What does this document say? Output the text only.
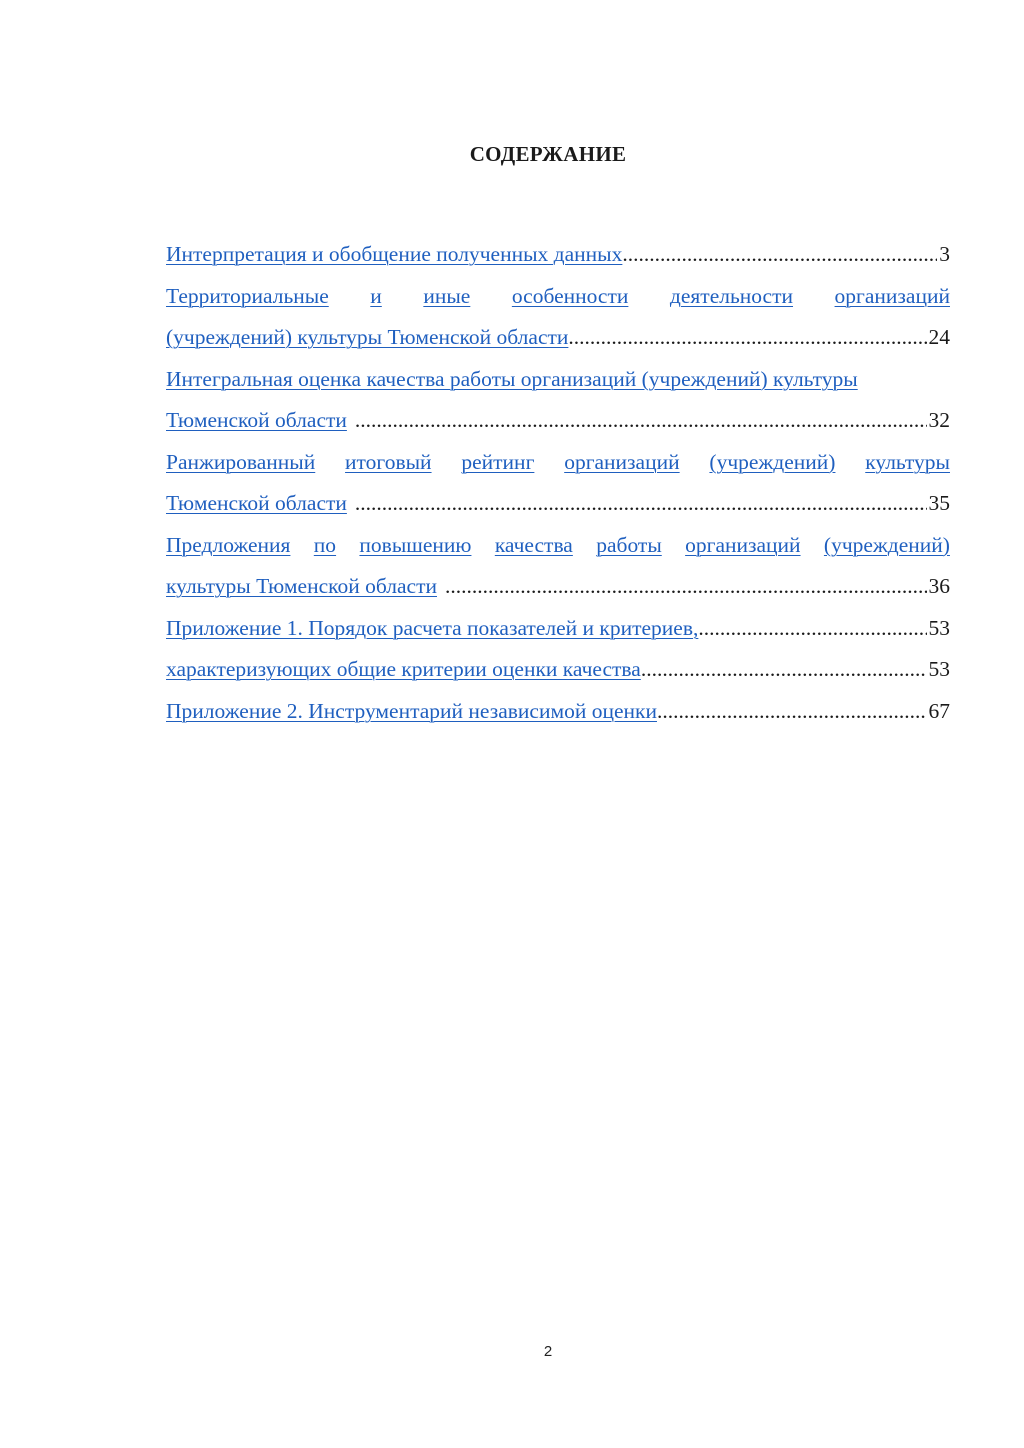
СОДЕРЖАНИЕ
Интерпретация и обобщение полученных данных .....	3
Территориальные и иные особенности деятельности организаций
(учреждений) культуры Тюменской области .....	24
Интегральная оценка качества работы организаций (учреждений) культуры
Тюменской области .....	32
Ранжированный итоговый рейтинг организаций (учреждений) культуры
Тюменской области .....	35
Предложения по повышению качества работы организаций (учреждений)
культуры Тюменской области .....	36
Приложение 1. Порядок расчета показателей и критериев, .....	53
характеризующих общие критерии оценки качества .....	53
Приложение 2. Инструментарий независимой оценки .....	67
2
